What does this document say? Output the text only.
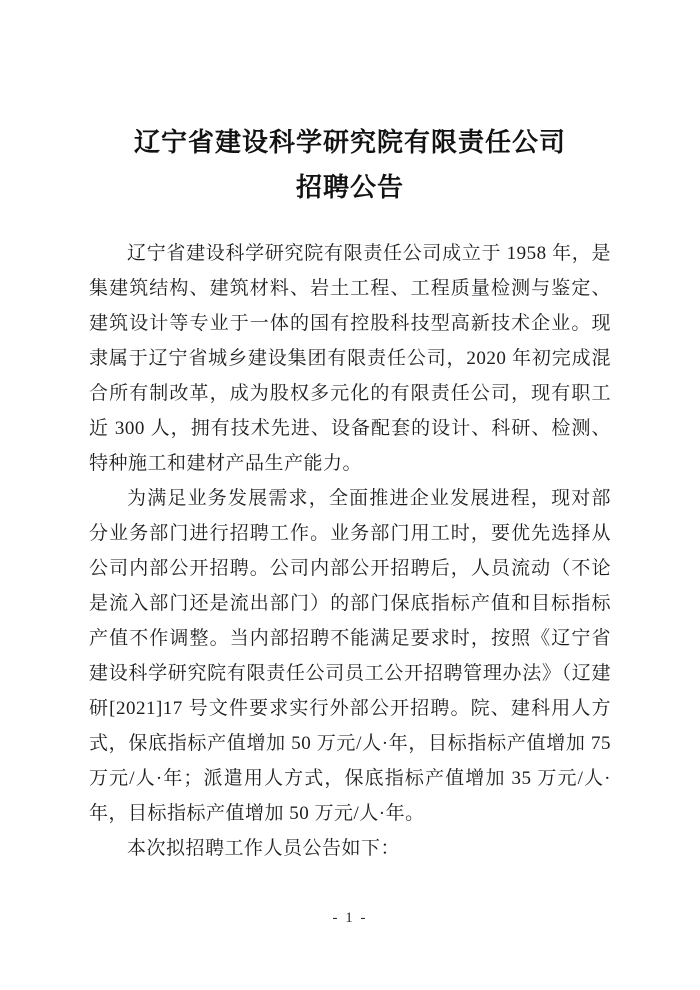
辽宁省建设科学研究院有限责任公司
招聘公告

辽宁省建设科学研究院有限责任公司成立于 1958 年，是集建筑结构、建筑材料、岩土工程、工程质量检测与鉴定、建筑设计等专业于一体的国有控股科技型高新技术企业。现隶属于辽宁省城乡建设集团有限责任公司，2020 年初完成混合所有制改革，成为股权多元化的有限责任公司，现有职工近 300 人，拥有技术先进、设备配套的设计、科研、检测、特种施工和建材产品生产能力。

为满足业务发展需求，全面推进企业发展进程，现对部分业务部门进行招聘工作。业务部门用工时，要优先选择从公司内部公开招聘。公司内部公开招聘后，人员流动（不论是流入部门还是流出部门）的部门保底指标产值和目标指标产值不作调整。当内部招聘不能满足要求时，按照《辽宁省建设科学研究院有限责任公司员工公开招聘管理办法》（辽建研[2021]17 号文件要求实行外部公开招聘。院、建科用人方式，保底指标产值增加 50 万元/人·年，目标指标产值增加 75 万元/人·年；派遣用人方式，保底指标产值增加 35 万元/人·年，目标指标产值增加 50 万元/人·年。

本次拟招聘工作人员公告如下：

- 1 -
